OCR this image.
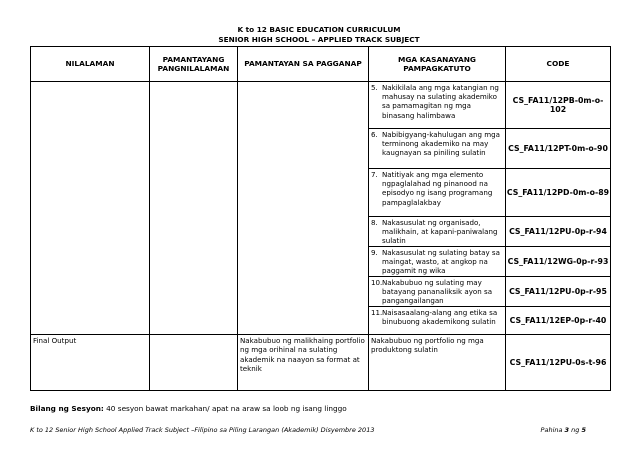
K to 12 BASIC EDUCATION CURRICULUM
SENIOR HIGH SCHOOL – APPLIED TRACK SUBJECT
NILALAMAN	PAMANTAYANG PANGNILALAMAN	PAMANTAYAN SA PAGGANAP	MGA KASANAYANG PAMPAGKATUTO	CODE

			5. Nakikilala ang mga katangian ng mahusay na sulating akademiko sa pamamagitan ng mga binasang halimbawa	CS_FA11/12PB-0m-o-102

			6. Nabibigyang-kahulugan ang mga terminong akademiko na may kaugnayan sa piniling sulatin	CS_FA11/12PT-0m-o-90

			7. Natitiyak ang mga elemento ngpaglalahad ng pinanood na episodyo ng isang programang pampaglalakbay	CS_FA11/12PD-0m-o-89

			8. Nakasusulat ng organisado, malikhain, at kapani-paniwalang sulatin	CS_FA11/12PU-0p-r-94

			9. Nakasusulat ng sulating batay sa maingat, wasto, at angkop na paggamit ng wika	CS_FA11/12WG-0p-r-93

			10. Nakabubuo ng sulating may batayang pananaliksik ayon sa pangangailangan	CS_FA11/12PU-0p-r-95

			11. Naisasaalang-alang ang etika sa binubuong akademikong sulatin	CS_FA11/12EP-0p-r-40
Final Output		Nakabubuo ng malikhaing portfolio ng mga orihinal na sulating akademik na naayon sa format at teknik	Nakabubuo ng portfolio ng mga produktong sulatin	CS_FA11/12PU-0s-t-96
Bilang ng Sesyon: 40 sesyon bawat markahan/ apat na araw sa loob ng isang linggo
K to 12 Senior High School Applied Track Subject –Filipino sa Piling Larangan (Akademik) Disyembre 2013	Pahina 3 ng 5
